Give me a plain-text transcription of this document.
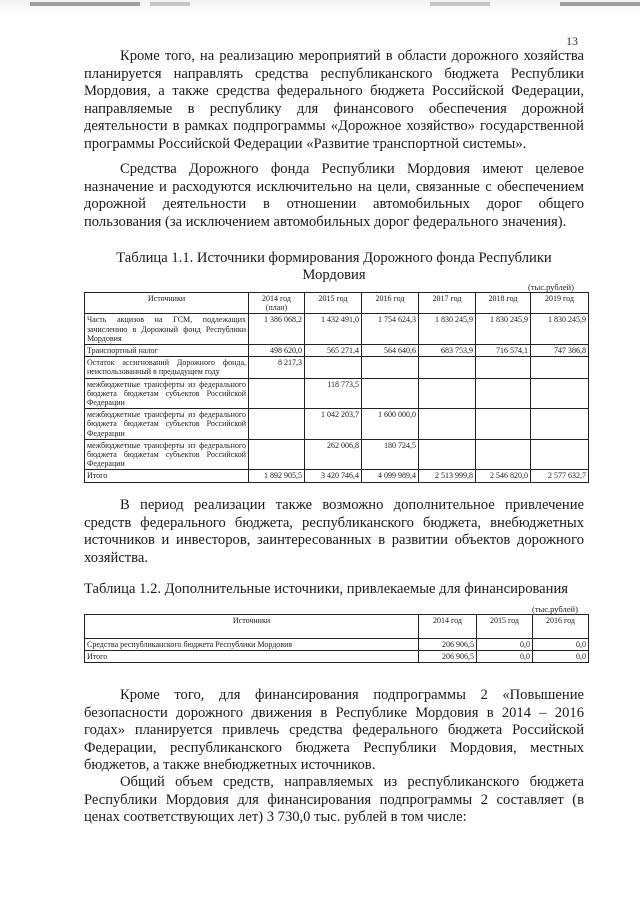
13

Кроме того, на реализацию мероприятий в области дорожного хозяйства планируется направлять средства республиканского бюджета Республики Мордовия, а также средства федерального бюджета Российской Федерации, направляемые в республику для финансового обеспечения дорожной деятельности в рамках подпрограммы «Дорожное хозяйство» государственной программы Российской Федерации «Развитие транспортной системы».

Средства Дорожного фонда Республики Мордовия имеют целевое назначение и расходуются исключительно на цели, связанные с обеспечением дорожной деятельности в отношении автомобильных дорог общего пользования (за исключением автомобильных дорог федерального значения).

Таблица 1.1. Источники формирования Дорожного фонда Республики Мордовия

(тыс.рублей)
Источники	2014 год (план)	2015 год	2016 год	2017 год	2018 год	2019 год
Часть акцизов на ГСМ, подлежащих зачислению в Дорожный фонд Республики Мордовия	1 386 068,2	1 432 491,0	1 754 624,3	1 830 245,9	1 830 245,9	1 830 245,9
Транспортный налог	498 620,0	565 271,4	564 640,6	683 753,9	716 574,1	747 386,8
Остаток ассигнований Дорожного фонда, неиспользованный в предыдущем году	8 217,3					
межбюджетные трансферты из федерального бюджета бюджетам субъектов Российской Федерации		118 773,5				
межбюджетные трансферты из федерального бюджета бюджетам субъектов Российской Федерации		1 042 203,7	1 600 000,0			
межбюджетные трансферты из федерального бюджета бюджетам субъектов Российской Федерации		262 006,8	180 724,5			
Итого	1 892 905,5	3 420 746,4	4 099 989,4	2 513 999,8	2 546 820,0	2 577 632,7

В период реализации также возможно дополнительное привлечение средств федерального бюджета, республиканского бюджета, внебюджетных источников и инвесторов, заинтересованных в развитии объектов дорожного хозяйства.

Таблица 1.2. Дополнительные источники, привлекаемые для финансирования

(тыс.рублей)
Источники	2014 год	2015 год	2016 год
Средства республиканского бюджета Республики Мордовия	206 906,5	0,0	0,0
Итого	206 906,5	0,0	0,0

Кроме того, для финансирования подпрограммы 2 «Повышение безопасности дорожного движения в Республике Мордовия в 2014 – 2016 годах» планируется привлечь средства федерального бюджета Российской Федерации, республиканского бюджета Республики Мордовия, местных бюджетов, а также внебюджетных источников.

Общий объем средств, направляемых из республиканского бюджета Республики Мордовия для финансирования подпрограммы 2 составляет (в ценах соответствующих лет) 3 730,0 тыс. рублей в том числе:
